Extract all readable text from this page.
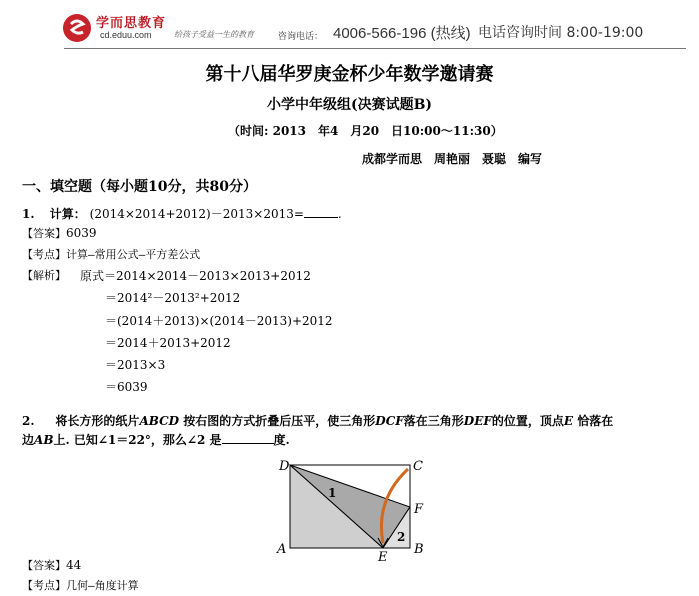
学而思教育
cd.eduu.com	给孩子受益一生的教育	咨询电话： 4006-566-196 (热线) 电话咨询时间 8:00-19:00
第十八届华罗庚金杯少年数学邀请赛
小学中年级组(决赛试题B)
（时间: 2013　年4　月20　日10:00～11:30）
成都学而思　周艳丽　聂聪　编写
一、填空题（每小题10分，共80分）
1. 计算： (2014×2014+2012)－2013×2013=	.
【答案】6039
【考点】计算—常用公式—平方差公式
【解析】 原式＝2014×2014－2013×2013+2012
＝2014²－2013²+2012
＝(2014＋2013)×(2014－2013)+2012
＝2014＋2013+2012
＝2013×3
＝6039
2. 将长方形的纸片ABCD 按右图的方式折叠后压平，使三角形DCF落在三角形DEF的位置，顶点E 恰落在
边AB上. 已知∠1＝22°，那么∠2 是	度.
D	C
F
A	B
E
1
2
【答案】44
【考点】几何—角度计算
